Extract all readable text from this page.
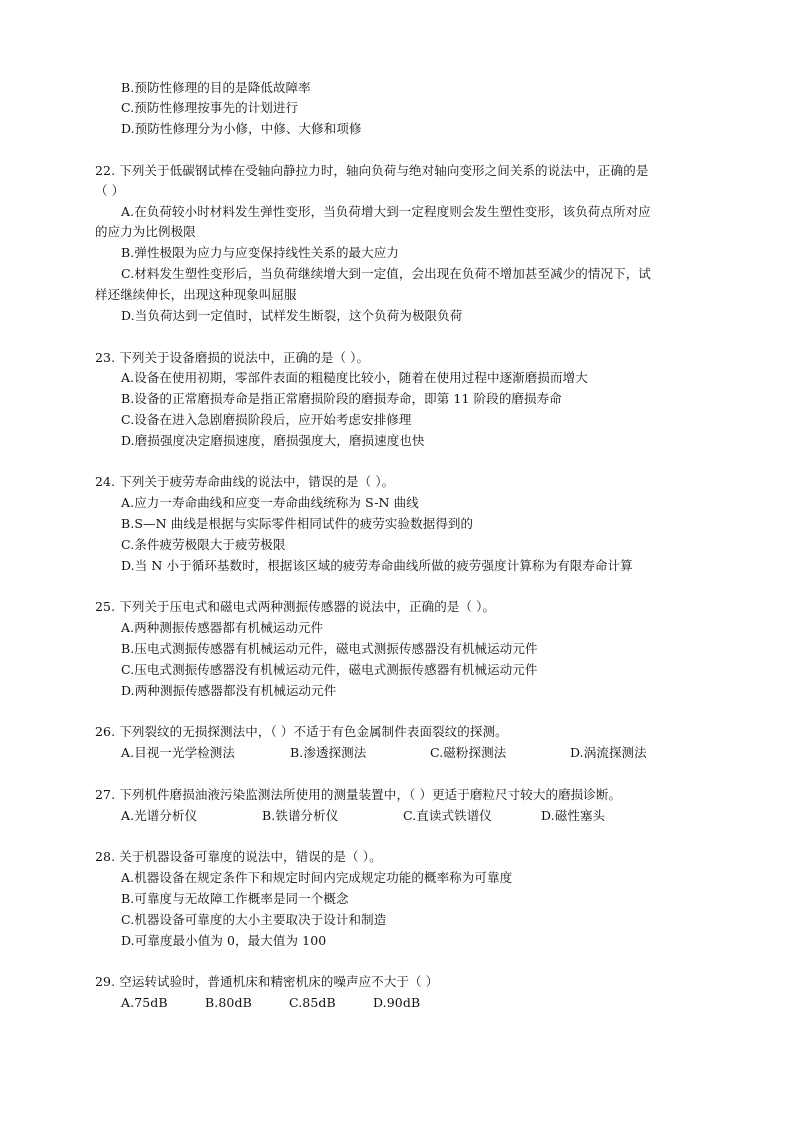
B.预防性修理的目的是降低故障率
C.预防性修理按事先的计划进行
D.预防性修理分为小修，中修、大修和项修
22. 下列关于低碳钢试棒在受轴向静拉力时，轴向负荷与绝对轴向变形之间关系的说法中，正确的是
（ ）
A.在负荷较小时材料发生弹性变形，当负荷增大到一定程度则会发生塑性变形，该负荷点所对应
的应力为比例极限
B.弹性极限为应力与应变保持线性关系的最大应力
C.材料发生塑性变形后，当负荷继续增大到一定值，会出现在负荷不增加甚至减少的情况下，试
样还继续伸长，出现这种现象叫屈服
D.当负荷达到一定值时，试样发生断裂，这个负荷为极限负荷
23. 下列关于设备磨损的说法中，正确的是（ ）。
A.设备在使用初期，零部件表面的粗糙度比较小，随着在使用过程中逐渐磨损而增大
B.设备的正常磨损寿命是指正常磨损阶段的磨损寿命，即第 11 阶段的磨损寿命
C.设备在进入急剧磨损阶段后，应开始考虑安排修理
D.磨损强度决定磨损速度，磨损强度大，磨损速度也快
24. 下列关于疲劳寿命曲线的说法中，错误的是（ ）。
A.应力一寿命曲线和应变一寿命曲线统称为 S-N 曲线
B.S—N 曲线是根据与实际零件相同试件的疲劳实验数据得到的
C.条件疲劳极限大于疲劳极限
D.当 N 小于循环基数时，根据该区域的疲劳寿命曲线所做的疲劳强度计算称为有限寿命计算
25. 下列关于压电式和磁电式两种测振传感器的说法中，正确的是（ ）。
A.两种测振传感器都有机械运动元件
B.压电式测振传感器有机械运动元件，磁电式测振传感器没有机械运动元件
C.压电式测振传感器没有机械运动元件，磁电式测振传感器有机械运动元件
D.两种测振传感器都没有机械运动元件
26. 下列裂纹的无损探测法中，（ ）不适于有色金属制件表面裂纹的探测。
A.目视一光学检测法	B.渗透探测法	C.磁粉探测法	D.涡流探测法
27. 下列机件磨损油液污染监测法所使用的测量装置中，（ ）更适于磨粒尺寸较大的磨损诊断。
A.光谱分析仪	B.铁谱分析仪	C.直读式铁谱仪	D.磁性塞头
28. 关于机器设备可靠度的说法中，错误的是（ ）。
A.机器设备在规定条件下和规定时间内完成规定功能的概率称为可靠度
B.可靠度与无故障工作概率是同一个概念
C.机器设备可靠度的大小主要取决于设计和制造
D.可靠度最小值为 0，最大值为 100
29. 空运转试验时，普通机床和精密机床的噪声应不大于（ ）
A.75dB	B.80dB	C.85dB	D.90dB
